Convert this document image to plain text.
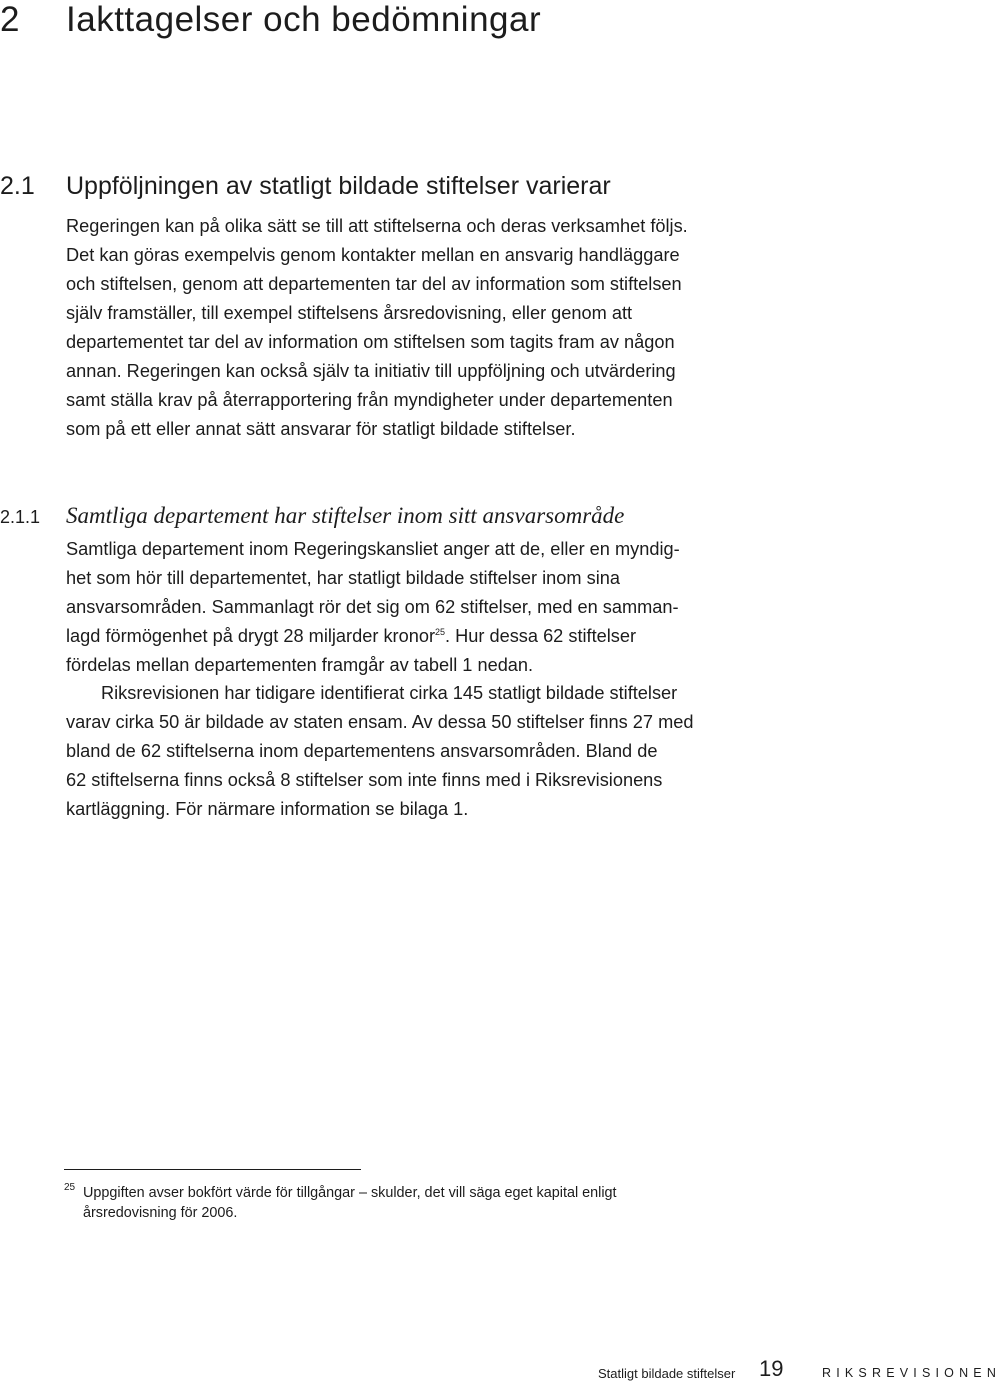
2 Iakttagelser och bedömningar
2.1 Uppföljningen av statligt bildade stiftelser varierar
Regeringen kan på olika sätt se till att stiftelserna och deras verksamhet följs.
Det kan göras exempelvis genom kontakter mellan en ansvarig handläggare
och stiftelsen, genom att departementen tar del av information som stiftelsen
själv framställer, till exempel stiftelsens årsredovisning, eller genom att
departementet tar del av information om stiftelsen som tagits fram av någon
annan. Regeringen kan också själv ta initiativ till uppföljning och utvärdering
samt ställa krav på återrapportering från myndigheter under departementen
som på ett eller annat sätt ansvarar för statligt bildade stiftelser.
2.1.1 Samtliga departement har stiftelser inom sitt ansvarsområde
Samtliga departement inom Regeringskansliet anger att de, eller en myndig-
het som hör till departementet, har statligt bildade stiftelser inom sina
ansvarsområden. Sammanlagt rör det sig om 62 stiftelser, med en samman-
lagd förmögenhet på drygt 28 miljarder kronor$^{25}$. Hur dessa 62 stiftelser
fördelas mellan departementen framgår av tabell 1 nedan.
Riksrevisionen har tidigare identifierat cirka 145 statligt bildade stiftelser
varav cirka 50 är bildade av staten ensam. Av dessa 50 stiftelser finns 27 med
bland de 62 stiftelserna inom departementens ansvarsområden. Bland de
62 stiftelserna finns också 8 stiftelser som inte finns med i Riksrevisionens
kartläggning. För närmare information se bilaga 1.
25 Uppgiften avser bokfört värde för tillgångar – skulder, det vill säga eget kapital enligt
årsredovisning för 2006.
Statligt bildade stiftelser 19	RIKSREVISIONEN
